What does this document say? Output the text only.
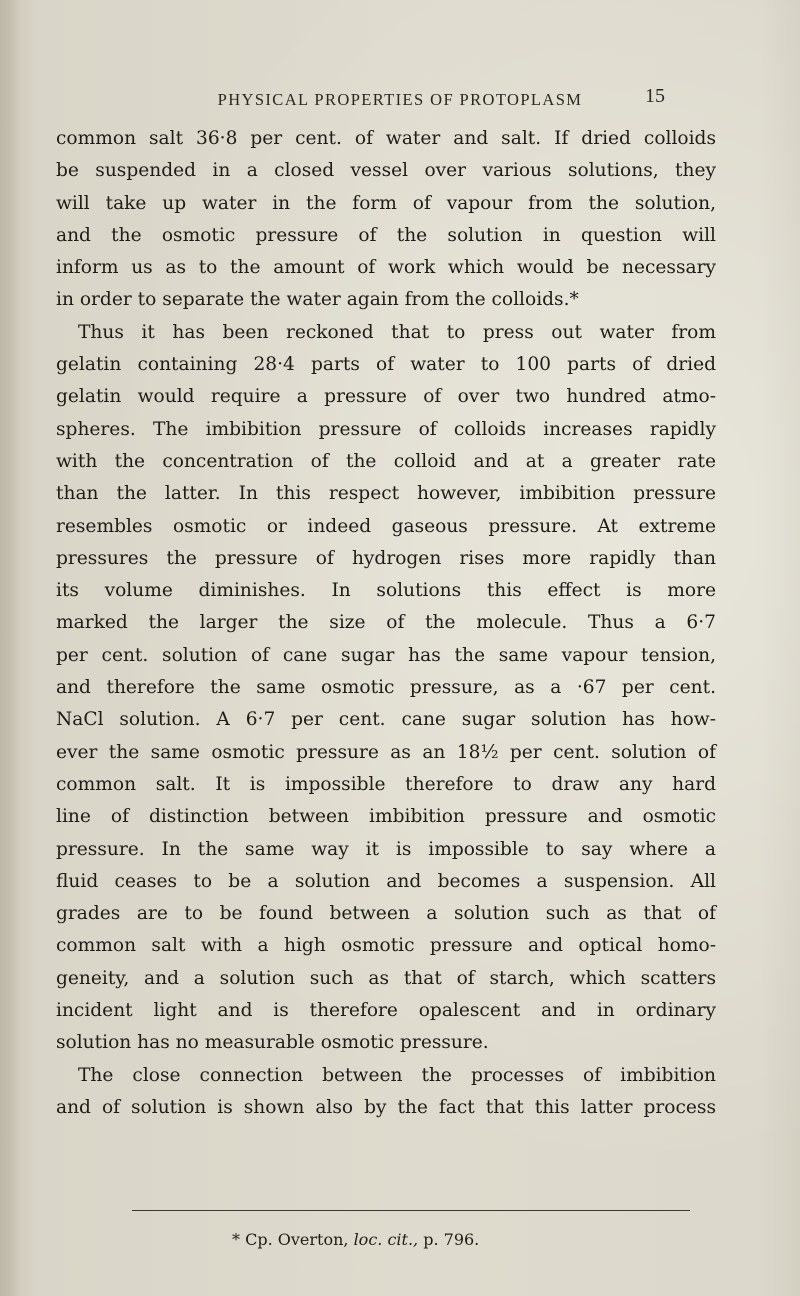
PHYSICAL PROPERTIES OF PROTOPLASM	15
common salt 36·8 per cent. of water and salt. If dried colloids
be suspended in a closed vessel over various solutions, they
will take up water in the form of vapour from the solution,
and the osmotic pressure of the solution in question will
inform us as to the amount of work which would be necessary
in order to separate the water again from the colloids.*
Thus it has been reckoned that to press out water from
gelatin containing 28·4 parts of water to 100 parts of dried
gelatin would require a pressure of over two hundred atmo-
spheres. The imbibition pressure of colloids increases rapidly
with the concentration of the colloid and at a greater rate
than the latter. In this respect however, imbibition pressure
resembles osmotic or indeed gaseous pressure. At extreme
pressures the pressure of hydrogen rises more rapidly than
its volume diminishes. In solutions this effect is more
marked the larger the size of the molecule. Thus a 6·7
per cent. solution of cane sugar has the same vapour tension,
and therefore the same osmotic pressure, as a ·67 per cent.
NaCl solution. A 6·7 per cent. cane sugar solution has how-
ever the same osmotic pressure as an 18½ per cent. solution of
common salt. It is impossible therefore to draw any hard
line of distinction between imbibition pressure and osmotic
pressure. In the same way it is impossible to say where a
fluid ceases to be a solution and becomes a suspension. All
grades are to be found between a solution such as that of
common salt with a high osmotic pressure and optical homo-
geneity, and a solution such as that of starch, which scatters
incident light and is therefore opalescent and in ordinary
solution has no measurable osmotic pressure.
The close connection between the processes of imbibition
and of solution is shown also by the fact that this latter process
* Cp. Overton, loc. cit., p. 796.
